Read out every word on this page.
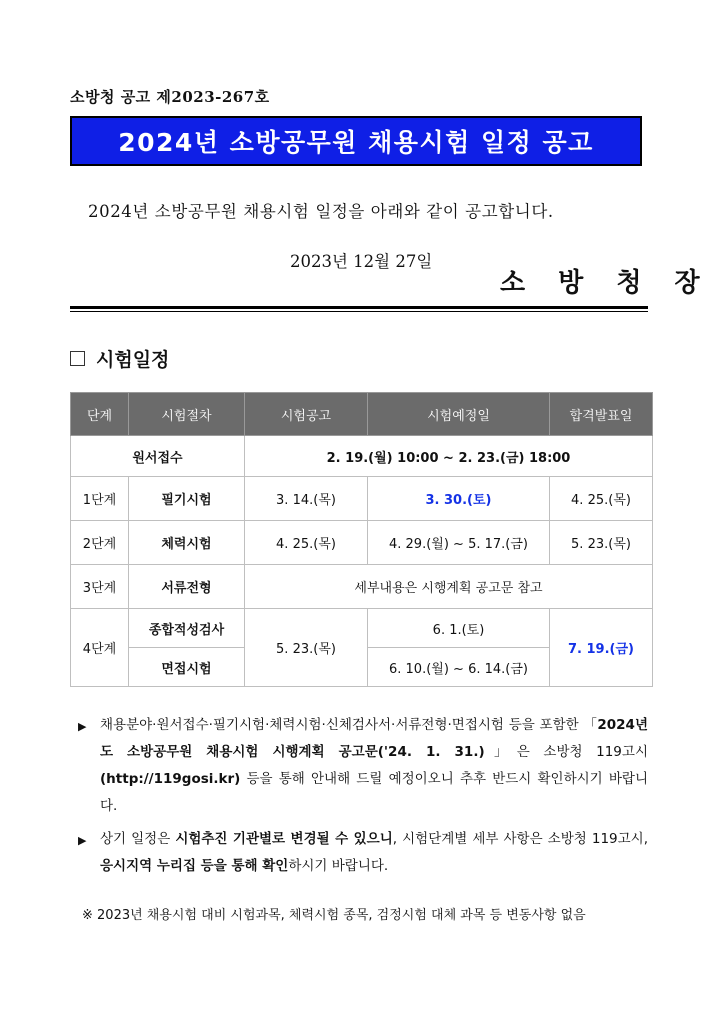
소방청 공고 제2023-267호
2024년 소방공무원 채용시험 일정 공고
2024년 소방공무원 채용시험 일정을 아래와 같이 공고합니다.
2023년 12월 27일
소 방 청 장
시험일정
단계	시험절차	시험공고	시험예정일	합격발표일
원서접수		2. 19.(월) 10:00 ~ 2. 23.(금) 18:00		
1단계	필기시험	3. 14.(목)	3. 30.(토)	4. 25.(목)
2단계	체력시험	4. 25.(목)	4. 29.(월) ~ 5. 17.(금)	5. 23.(목)
3단계	서류전형	세부내용은 시행계획 공고문 참고		
4단계	종합적성검사	5. 23.(목)	6. 1.(토)	7. 19.(금)
	면접시험		6. 10.(월) ~ 6. 14.(금)	
▶	채용분야·원서접수·필기시험·체력시험·신체검사서·서류전형·면접시험 등을 포함한 「2024년도 소방공무원 채용시험 시행계획 공고문('24. 1. 31.)」은 소방청 119고시 (http://119gosi.kr) 등을 통해 안내해 드릴 예정이오니 추후 반드시 확인하시기 바랍니다.
▶	상기 일정은 시험추진 기관별로 변경될 수 있으니, 시험단계별 세부 사항은 소방청 119고시, 응시지역 누리집 등을 통해 확인하시기 바랍니다.
※ 2023년 채용시험 대비 시험과목, 체력시험 종목, 검정시험 대체 과목 등 변동사항 없음
